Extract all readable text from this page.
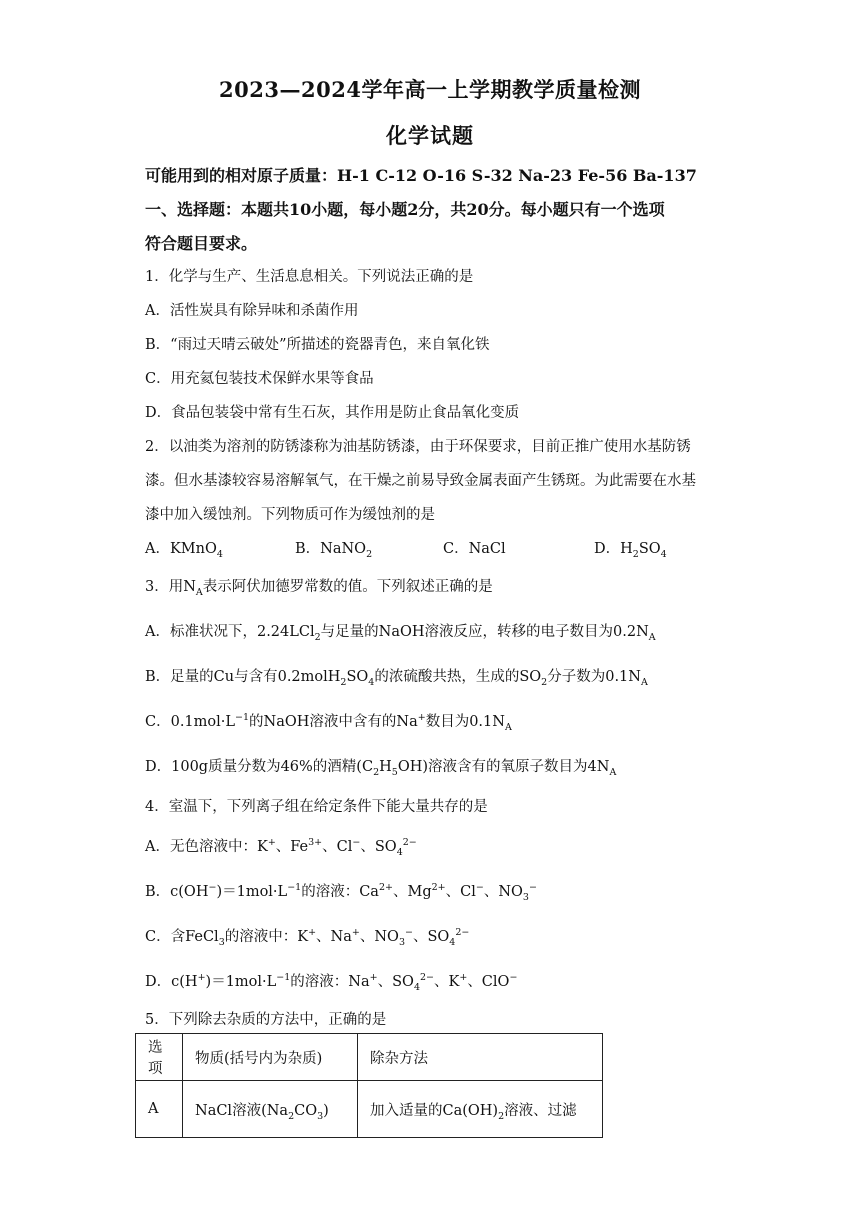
2023—2024学年高一上学期教学质量检测
化学试题
可能用到的相对原子质量：H-1 C-12 O-16 S-32 Na-23 Fe-56 Ba-137
一、选择题：本题共10小题，每小题2分，共20分。每小题只有一个选项
符合题目要求。
1．化学与生产、生活息息相关。下列说法正确的是
A．活性炭具有除异味和杀菌作用
B．“雨过天晴云破处”所描述的瓷器青色，来自氧化铁
C．用充氦包装技术保鲜水果等食品
D．食品包装袋中常有生石灰，其作用是防止食品氧化变质
2．以油类为溶剂的防锈漆称为油基防锈漆，由于环保要求，目前正推广使用水基防锈
漆。但水基漆较容易溶解氧气，在干燥之前易导致金属表面产生锈斑。为此需要在水基
漆中加入缓蚀剂。下列物质可作为缓蚀剂的是
A．KMnO$_4$	B．NaNO$_2$	C．NaCl	D．$H_2SO_4$
3．用$N_A$表示阿伏加德罗常数的值。下列叙述正确的是
A．标准状况下，2.24LCl$_2$与足量的NaOH溶液反应，转移的电子数目为$0.2N_A$
B．足量的Cu与含有$0.2molH_2SO_4$的浓硫酸共热，生成的$SO_2$分子数为$0.1N_A$
C．$0.1mol\cdot L^{-1}$的NaOH溶液中含有的Na+数目为$0.1N_A$
D．100g质量分数为46%的酒精$(C_2H_5OH)$溶液含有的氧原子数目为$4N_A$
4．室温下，下列离子组在给定条件下能大量共存的是
A．无色溶液中：K+、$Fe^{3+}$、Cl−、$SO_4^{2-}$
B．$c(OH^-)=1mol\cdot L^{-1}$的溶液：$Ca^{2+}$、$Mg^{2+}$、Cl−、$NO_3^-$
C．含FeCl$_3$的溶液中：K+、Na+、$NO_3^-$、$SO_4^{2-}$
D．$c(H^+)=1mol\cdot L^{-1}$的溶液：Na+、$SO_4^{2-}$、K+、ClO−
5．下列除去杂质的方法中，正确的是
选项	物质(括号内为杂质)	除杂方法
A	NaCl溶液$(Na_2CO_3)$	加入适量的$Ca(OH)_2$溶液、过滤
